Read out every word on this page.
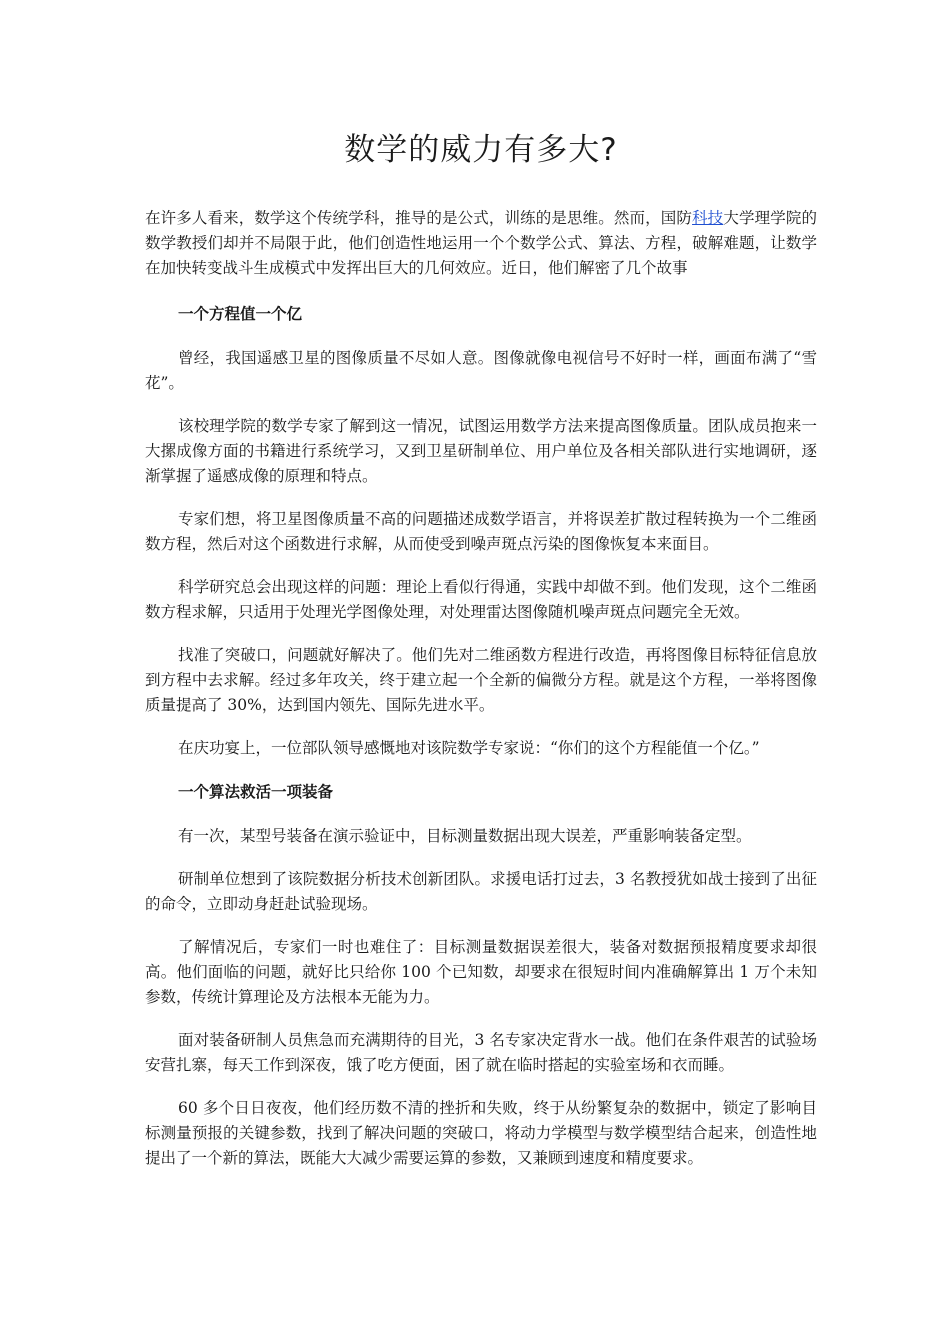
数学的威力有多大?

在许多人看来，数学这个传统学科，推导的是公式，训练的是思维。然而，国防科技大学理学院的数学教授们却并不局限于此，他们创造性地运用一个个数学公式、算法、方程，破解难题，让数学在加快转变战斗生成模式中发挥出巨大的几何效应。近日，他们解密了几个故事

一个方程值一个亿

曾经，我国遥感卫星的图像质量不尽如人意。图像就像电视信号不好时一样，画面布满了“雪花”。

该校理学院的数学专家了解到这一情况，试图运用数学方法来提高图像质量。团队成员抱来一大摞成像方面的书籍进行系统学习，又到卫星研制单位、用户单位及各相关部队进行实地调研，逐渐掌握了遥感成像的原理和特点。

专家们想，将卫星图像质量不高的问题描述成数学语言，并将误差扩散过程转换为一个二维函数方程，然后对这个函数进行求解，从而使受到噪声斑点污染的图像恢复本来面目。

科学研究总会出现这样的问题：理论上看似行得通，实践中却做不到。他们发现，这个二维函数方程求解，只适用于处理光学图像处理，对处理雷达图像随机噪声斑点问题完全无效。

找准了突破口，问题就好解决了。他们先对二维函数方程进行改造，再将图像目标特征信息放到方程中去求解。经过多年攻关，终于建立起一个全新的偏微分方程。就是这个方程，一举将图像质量提高了 30%，达到国内领先、国际先进水平。

在庆功宴上，一位部队领导感慨地对该院数学专家说：“你们的这个方程能值一个亿。”

一个算法救活一项装备

有一次，某型号装备在演示验证中，目标测量数据出现大误差，严重影响装备定型。

研制单位想到了该院数据分析技术创新团队。求援电话打过去，3 名教授犹如战士接到了出征的命令，立即动身赶赴试验现场。

了解情况后，专家们一时也难住了：目标测量数据误差很大，装备对数据预报精度要求却很高。他们面临的问题，就好比只给你 100 个已知数，却要求在很短时间内准确解算出 1 万个未知参数，传统计算理论及方法根本无能为力。

面对装备研制人员焦急而充满期待的目光，3 名专家决定背水一战。他们在条件艰苦的试验场安营扎寨，每天工作到深夜，饿了吃方便面，困了就在临时搭起的实验室场和衣而睡。

60 多个日日夜夜，他们经历数不清的挫折和失败，终于从纷繁复杂的数据中，锁定了影响目标测量预报的关键参数，找到了解决问题的突破口，将动力学模型与数学模型结合起来，创造性地提出了一个新的算法，既能大大减少需要运算的参数，又兼顾到速度和精度要求。
